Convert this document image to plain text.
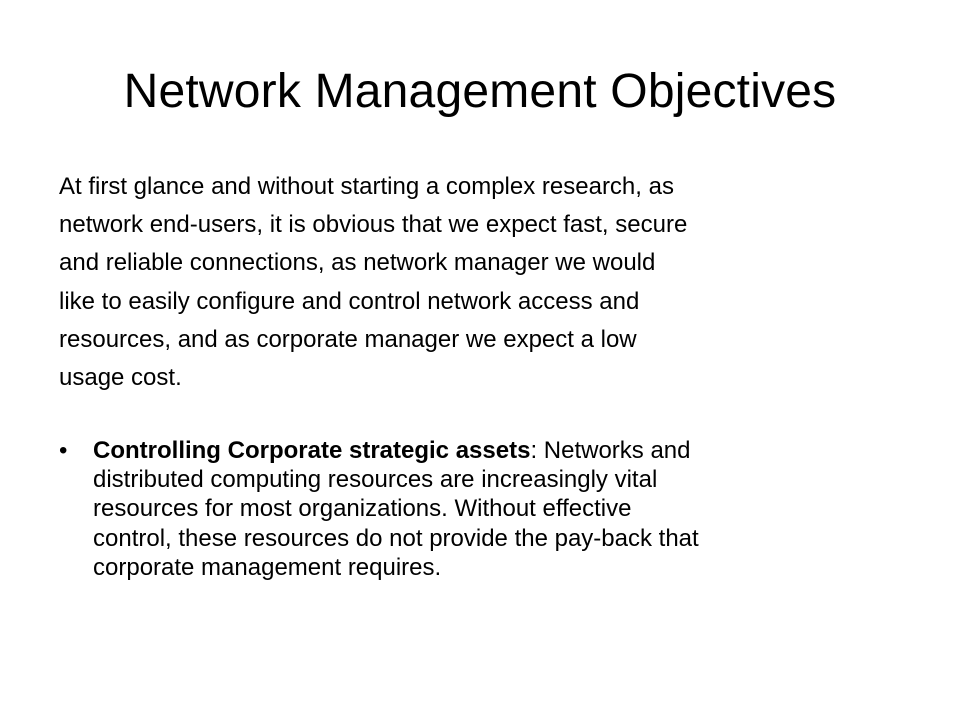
Network Management Objectives

At first glance and without starting a complex research, as
network end-users, it is obvious that we expect fast, secure
and reliable connections, as network manager we would
like to easily configure and control network access and
resources, and as corporate manager we expect a low
usage cost.

• Controlling Corporate strategic assets: Networks and
distributed computing resources are increasingly vital
resources for most organizations. Without effective
control, these resources do not provide the pay-back that
corporate management requires.
